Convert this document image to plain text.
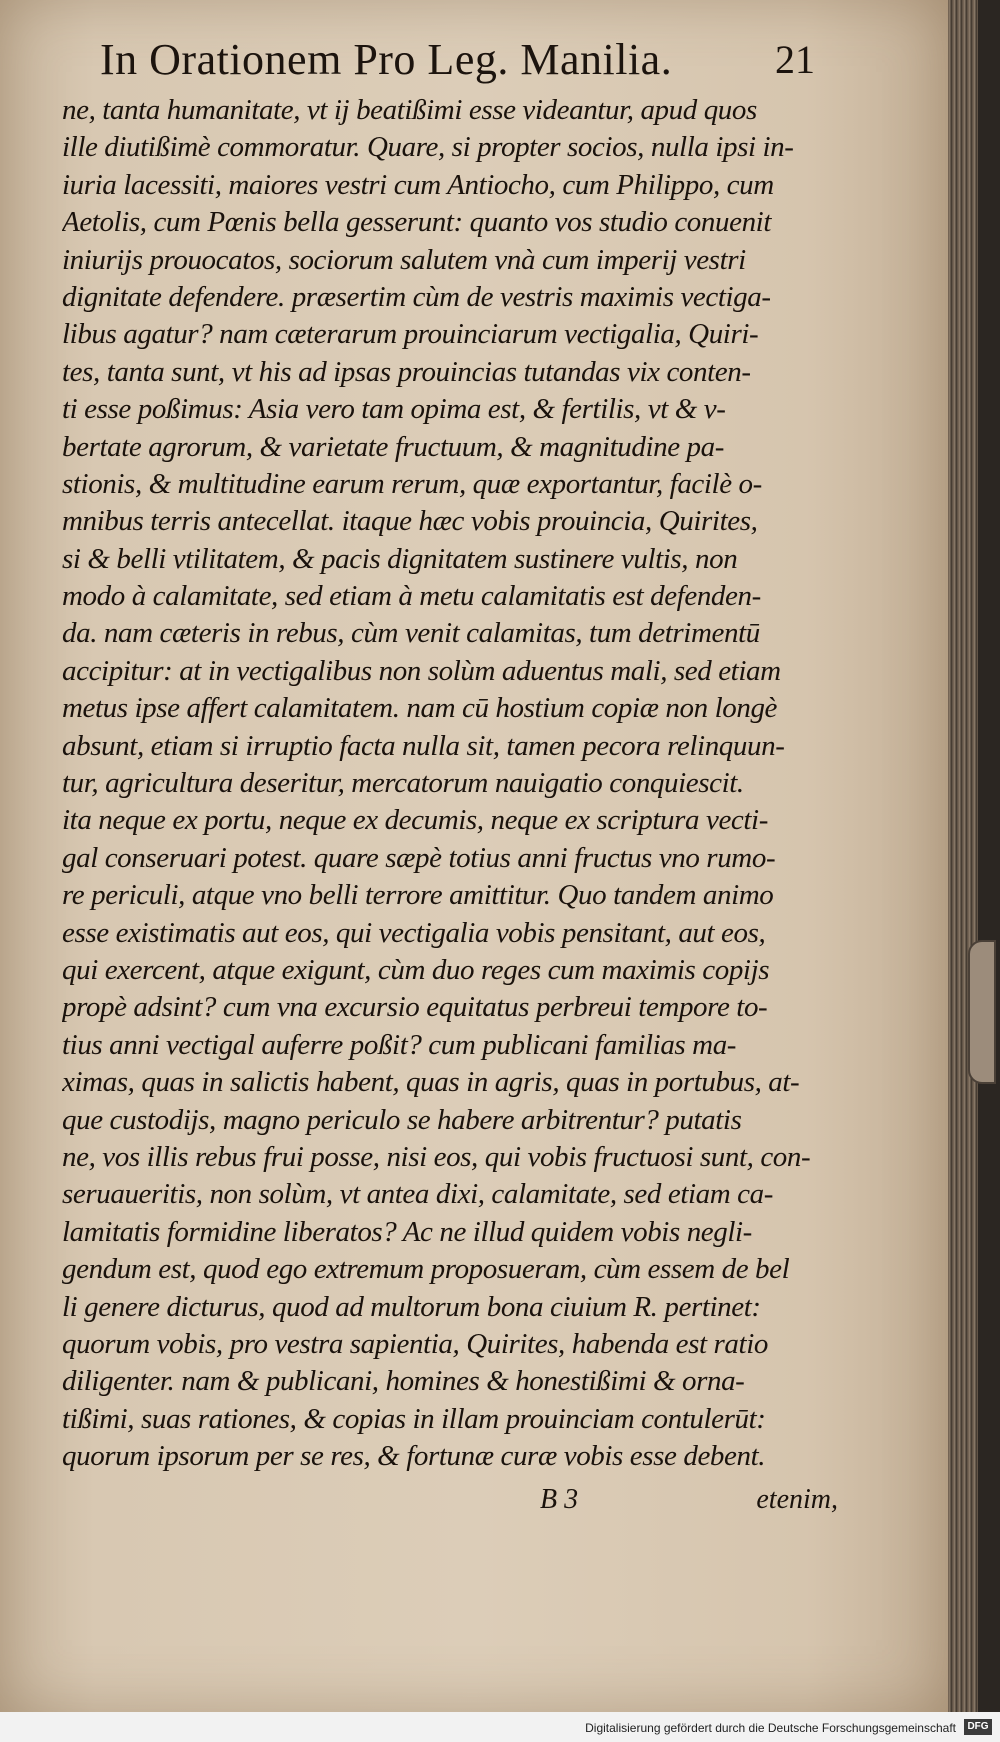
In Orationem Pro Leg. Manilia.	21
ne, tanta humanitate, vt ij beatißimi esse videantur, apud quos
ille diutißimè commoratur. Quare, si propter socios, nulla ipsi in-
iuria lacessiti, maiores vestri cum Antiocho, cum Philippo, cum
Aetolis, cum Pœnis bella gesserunt: quanto vos studio conuenit
iniurijs prouocatos, sociorum salutem vnà cum imperij vestri
dignitate defendere. præsertim cùm de vestris maximis vectiga-
libus agatur? nam cæterarum prouinciarum vectigalia, Quiri-
tes, tanta sunt, vt his ad ipsas prouincias tutandas vix conten-
ti esse poßimus: Asia vero tam opima est, & fertilis, vt & v-
bertate agrorum, & varietate fructuum, & magnitudine pa-
stionis, & multitudine earum rerum, quæ exportantur, facilè o-
mnibus terris antecellat. itaque hæc vobis prouincia, Quirites,
si & belli vtilitatem, & pacis dignitatem sustinere vultis, non
modo à calamitate, sed etiam à metu calamitatis est defenden-
da. nam cæteris in rebus, cùm venit calamitas, tum detrimentū
accipitur: at in vectigalibus non solùm aduentus mali, sed etiam
metus ipse affert calamitatem. nam cū hostium copiæ non longè
absunt, etiam si irruptio facta nulla sit, tamen pecora relinquun-
tur, agricultura deseritur, mercatorum nauigatio conquiescit.
ita neque ex portu, neque ex decumis, neque ex scriptura vecti-
gal conseruari potest. quare sæpè totius anni fructus vno rumo-
re periculi, atque vno belli terrore amittitur. Quo tandem animo
esse existimatis aut eos, qui vectigalia vobis pensitant, aut eos,
qui exercent, atque exigunt, cùm duo reges cum maximis copijs
propè adsint? cum vna excursio equitatus perbreui tempore to-
tius anni vectigal auferre poßit? cum publicani familias ma-
ximas, quas in salictis habent, quas in agris, quas in portubus, at-
que custodijs, magno periculo se habere arbitrentur? putatis
ne, vos illis rebus frui posse, nisi eos, qui vobis fructuosi sunt, con-
seruaueritis, non solùm, vt antea dixi, calamitate, sed etiam ca-
lamitatis formidine liberatos? Ac ne illud quidem vobis negli-
gendum est, quod ego extremum proposueram, cùm essem de bel
li genere dicturus, quod ad multorum bona ciuium R. pertinet:
quorum vobis, pro vestra sapientia, Quirites, habenda est ratio
diligenter. nam & publicani, homines & honestißimi & orna-
tißimi, suas rationes, & copias in illam prouinciam contulerūt:
quorum ipsorum per se res, & fortunæ curæ vobis esse debent.
B 3	etenim,
Digitalisierung gefördert durch die Deutsche Forschungsgemeinschaft	DFG
